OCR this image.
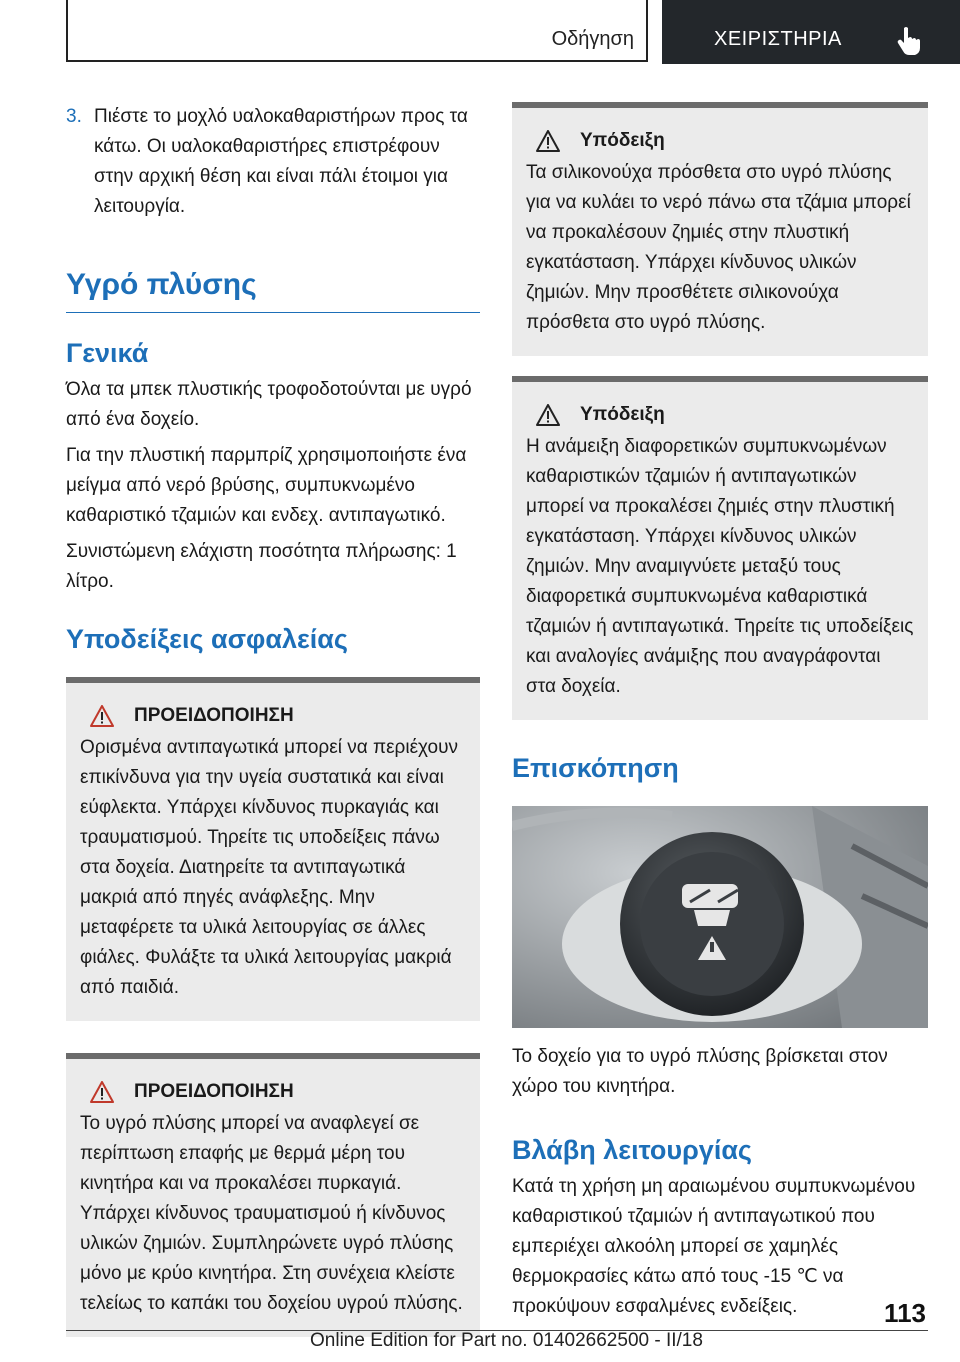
Οδήγηση	ΧΕΙΡΙΣΤΗΡΙΑ
3. Πιέστε το μοχλό υαλοκαθαριστήρων προς τα κάτω. Οι υαλοκαθαριστήρες επιστρέφουν στην αρχική θέση και είναι πάλι έτοιμοι για λειτουργία.
Υγρό πλύσης
Γενικά

Όλα τα μπεκ πλυστικής τροφοδοτούνται με υγρό από ένα δοχείο.

Για την πλυστική παρμπρίζ χρησιμοποιήστε ένα μείγμα από νερό βρύσης, συμπυκνωμένο καθαριστικό τζαμιών και ενδεχ. αντιπαγωτικό.

Συνιστώμενη ελάχιστη ποσότητα πλήρωσης: 1 λίτρο.

Υποδείξεις ασφαλείας
ΠΡΟΕΙΔΟΠΟΙΗΣΗ

Ορισμένα αντιπαγωτικά μπορεί να περιέχουν επικίνδυνα για την υγεία συστατικά και είναι εύφλεκτα. Υπάρχει κίνδυνος πυρκαγιάς και τραυματισμού. Τηρείτε τις υποδείξεις πάνω στα δοχεία. Διατηρείτε τα αντιπαγωτικά μακριά από πηγές ανάφλεξης. Μην μεταφέρετε τα υλικά λειτουργίας σε άλλες φιάλες. Φυλάξτε τα υλικά λειτουργίας μακριά από παιδιά.

ΠΡΟΕΙΔΟΠΟΙΗΣΗ

Το υγρό πλύσης μπορεί να αναφλεγεί σε περίπτωση επαφής με θερμά μέρη του κινητήρα και να προκαλέσει πυρκαγιά. Υπάρχει κίνδυνος τραυματισμού ή κίνδυνος υλικών ζημιών. Συμπληρώνετε υγρό πλύσης μόνο με κρύο κινητήρα. Στη συνέχεια κλείστε τελείως το καπάκι του δοχείου υγρού πλύσης.

Υπόδειξη

Τα σιλικονούχα πρόσθετα στο υγρό πλύσης για να κυλάει το νερό πάνω στα τζάμια μπορεί να προκαλέσουν ζημιές στην πλυστική εγκατάσταση. Υπάρχει κίνδυνος υλικών ζημιών. Μην προσθέτετε σιλικονούχα πρόσθετα στο υγρό πλύσης.

Υπόδειξη

Η ανάμειξη διαφορετικών συμπυκνωμένων καθαριστικών τζαμιών ή αντιπαγωτικών μπορεί να προκαλέσει ζημιές στην πλυστική εγκατάσταση. Υπάρχει κίνδυνος υλικών ζημιών. Μην αναμιγνύετε μεταξύ τους διαφορετικά συμπυκνωμένα καθαριστικά τζαμιών ή αντιπαγωτικά. Τηρείτε τις υποδείξεις και αναλογίες ανάμιξης που αναγράφονται στα δοχεία.

Επισκόπηση

Το δοχείο για το υγρό πλύσης βρίσκεται στον χώρο του κινητήρα.

Βλάβη λειτουργίας

Κατά τη χρήση μη αραιωμένου συμπυκνωμένου καθαριστικού τζαμιών ή αντιπαγωτικού που εμπεριέχει αλκοόλη μπορεί σε χαμηλές θερμοκρασίες κάτω από τους -15 ℃ να προκύψουν εσφαλμένες ενδείξεις.	113
Online Edition for Part no. 01402662500 - II/18
